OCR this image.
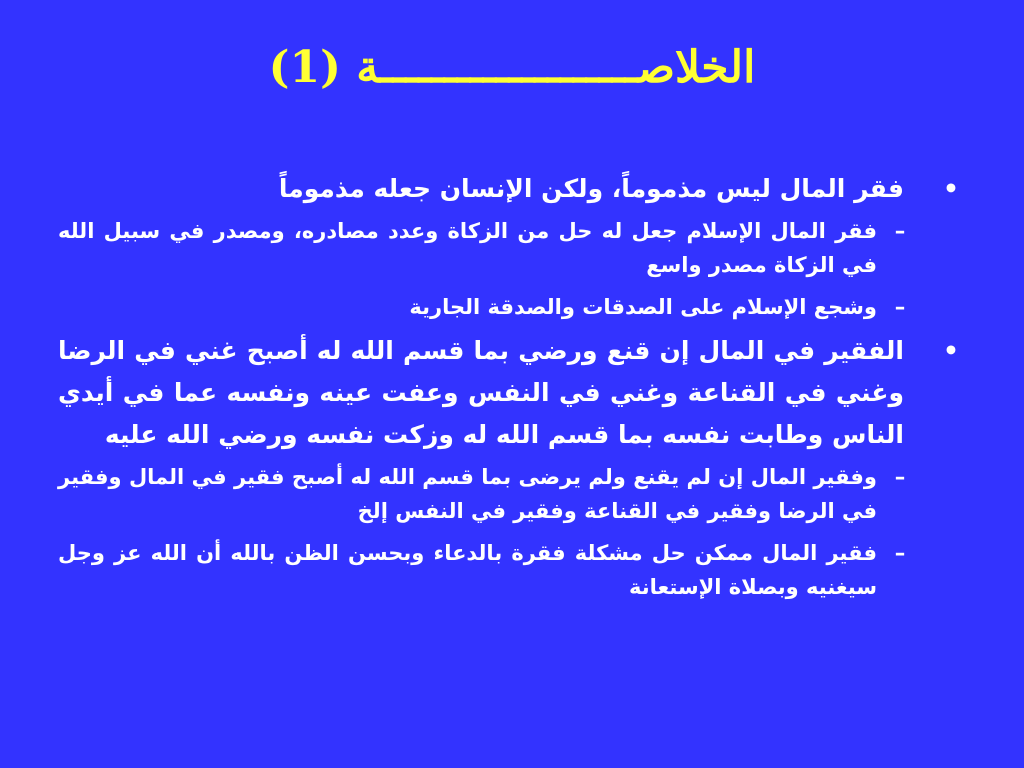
الخلاصــــــــــــــــــــة (1)
•
فقر المال ليس مذموماً، ولكن الإنسان جعله مذموماً
–
فقر المال الإسلام جعل له حل من الزكاة وعدد مصادره، ومصدر في سبيل الله في الزكاة مصدر واسع
–
وشجع الإسلام على الصدقات والصدقة الجارية
•
الفقير في المال إن قنع ورضي بما قسم الله له أصبح غني في الرضا وغني في القناعة وغني في النفس وعفت عينه ونفسه عما في أيدي الناس وطابت نفسه بما قسم الله له وزكت نفسه ورضي الله عليه
–
وفقير المال إن لم يقنع ولم يرضى بما قسم الله له أصبح فقير في المال وفقير في الرضا وفقير في القناعة وفقير في النفس إلخ
–
فقير المال ممكن حل مشكلة فقرة بالدعاء وبحسن الظن بالله أن الله عز وجل سيغنيه وبصلاة الإستعانة
